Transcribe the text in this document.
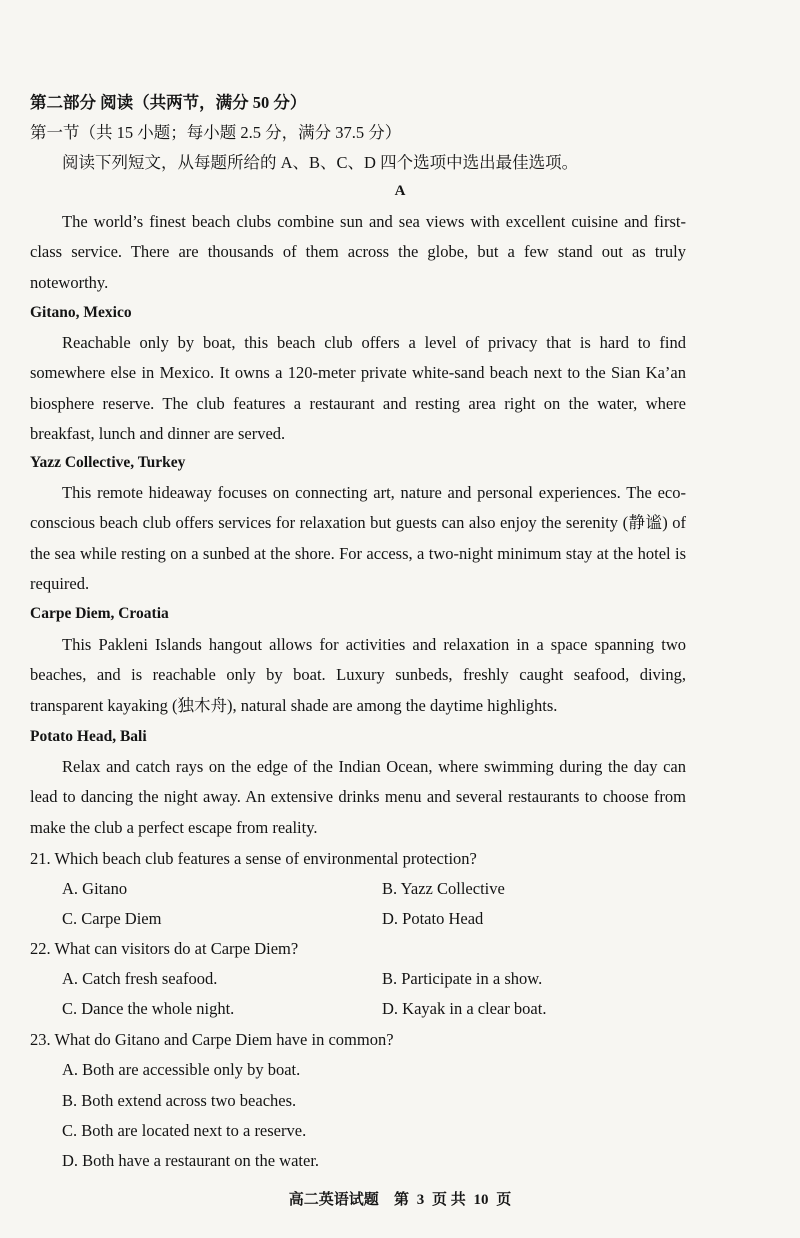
第二部分 阅读（共两节，满分 50 分）
第一节（共 15 小题；每小题 2.5 分，满分 37.5 分）
阅读下列短文，从每题所给的 A、B、C、D 四个选项中选出最佳选项。
A
The world’s finest beach clubs combine sun and sea views with excellent cuisine and first-class service. There are thousands of them across the globe, but a few stand out as truly noteworthy.
Gitano, Mexico
Reachable only by boat, this beach club offers a level of privacy that is hard to find somewhere else in Mexico. It owns a 120-meter private white-sand beach next to the Sian Ka’an biosphere reserve. The club features a restaurant and resting area right on the water, where breakfast, lunch and dinner are served.
Yazz Collective, Turkey
This remote hideaway focuses on connecting art, nature and personal experiences. The eco-conscious beach club offers services for relaxation but guests can also enjoy the serenity (静谧) of the sea while resting on a sunbed at the shore. For access, a two-night minimum stay at the hotel is required.
Carpe Diem, Croatia
This Pakleni Islands hangout allows for activities and relaxation in a space spanning two beaches, and is reachable only by boat. Luxury sunbeds, freshly caught seafood, diving, transparent kayaking (独木舟), natural shade are among the daytime highlights.
Potato Head, Bali
Relax and catch rays on the edge of the Indian Ocean, where swimming during the day can lead to dancing the night away. An extensive drinks menu and several restaurants to choose from make the club a perfect escape from reality.
21. Which beach club features a sense of environmental protection?
A. Gitano	B. Yazz Collective
C. Carpe Diem	D. Potato Head
22. What can visitors do at Carpe Diem?
A. Catch fresh seafood.	B. Participate in a show.
C. Dance the whole night.	D. Kayak in a clear boat.
23. What do Gitano and Carpe Diem have in common?
A. Both are accessible only by boat.
B. Both extend across two beaches.
C. Both are located next to a reserve.
D. Both have a restaurant on the water.
高二英语试题 第 3 页 共 10 页
